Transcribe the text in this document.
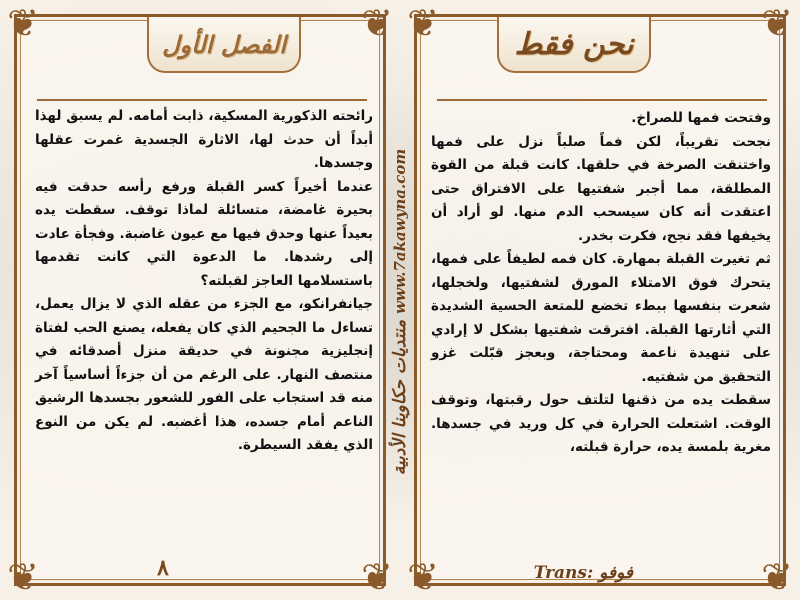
❦	❦
❦	❦
نحن فقط

وفتحت فمها للصراخ.

نجحت تقريباً، لكن فماً صلباً نزل على فمها واختنقت الصرخة في حلقها. كانت قبلة من القوة المطلقة، مما أجبر شفتيها على الافتراق حتى اعتقدت أنه كان سيسحب الدم منها. لو أراد أن يخيفها فقد نجح، فكرت بخدر.

ثم تغيرت القبلة بمهارة. كان فمه لطيفاً على فمها، يتحرك فوق الامتلاء المورق لشفتيها، ولخجلها، شعرت بنفسها ببطء تخضع للمتعة الحسية الشديدة التي أثارتها القبلة. افترقت شفتيها بشكل لا إرادي على تنهيدة ناعمة ومحتاجة، وبعجز قبّلت غزو التحقيق من شفتيه.

سقطت يده من ذقنها لتلتف حول رقبتها، وتوقف الوقت. اشتعلت الحرارة في كل وريد في جسدها. مغرية بلمسة يده، حرارة قبلته،

Trans: فوفو
منتديات حكاوينا الأدبية www.7akawyna.com
❦	❦
❦	❦
الفصل الأول

رائحته الذكورية المسكية، ذابت أمامه. لم يسبق لهذا أبداً أن حدث لها، الاثارة الجسدية غمرت عقلها وجسدها.

عندما أخيراً كسر القبلة ورفع رأسه حدقت فيه بحيرة غامضة، متسائلة لماذا توقف. سقطت يده بعيداً عنها وحدق فيها مع عيون غاضبة. وفجأة عادت إلى رشدها. ما الدعوة التي كانت تقدمها باستسلامها العاجز لقبلته؟

جيانفرانكو، مع الجزء من عقله الذي لا يزال يعمل، تساءل ما الجحيم الذي كان يفعله، يصنع الحب لفتاة إنجليزية مجنونة في حديقة منزل أصدقائه في منتصف النهار. على الرغم من أن جزءاً أساسياً آخر منه قد استجاب على الفور للشعور بجسدها الرشيق الناعم أمام جسده، هذا أغضبه. لم يكن من النوع الذي يفقد السيطرة.

٨
